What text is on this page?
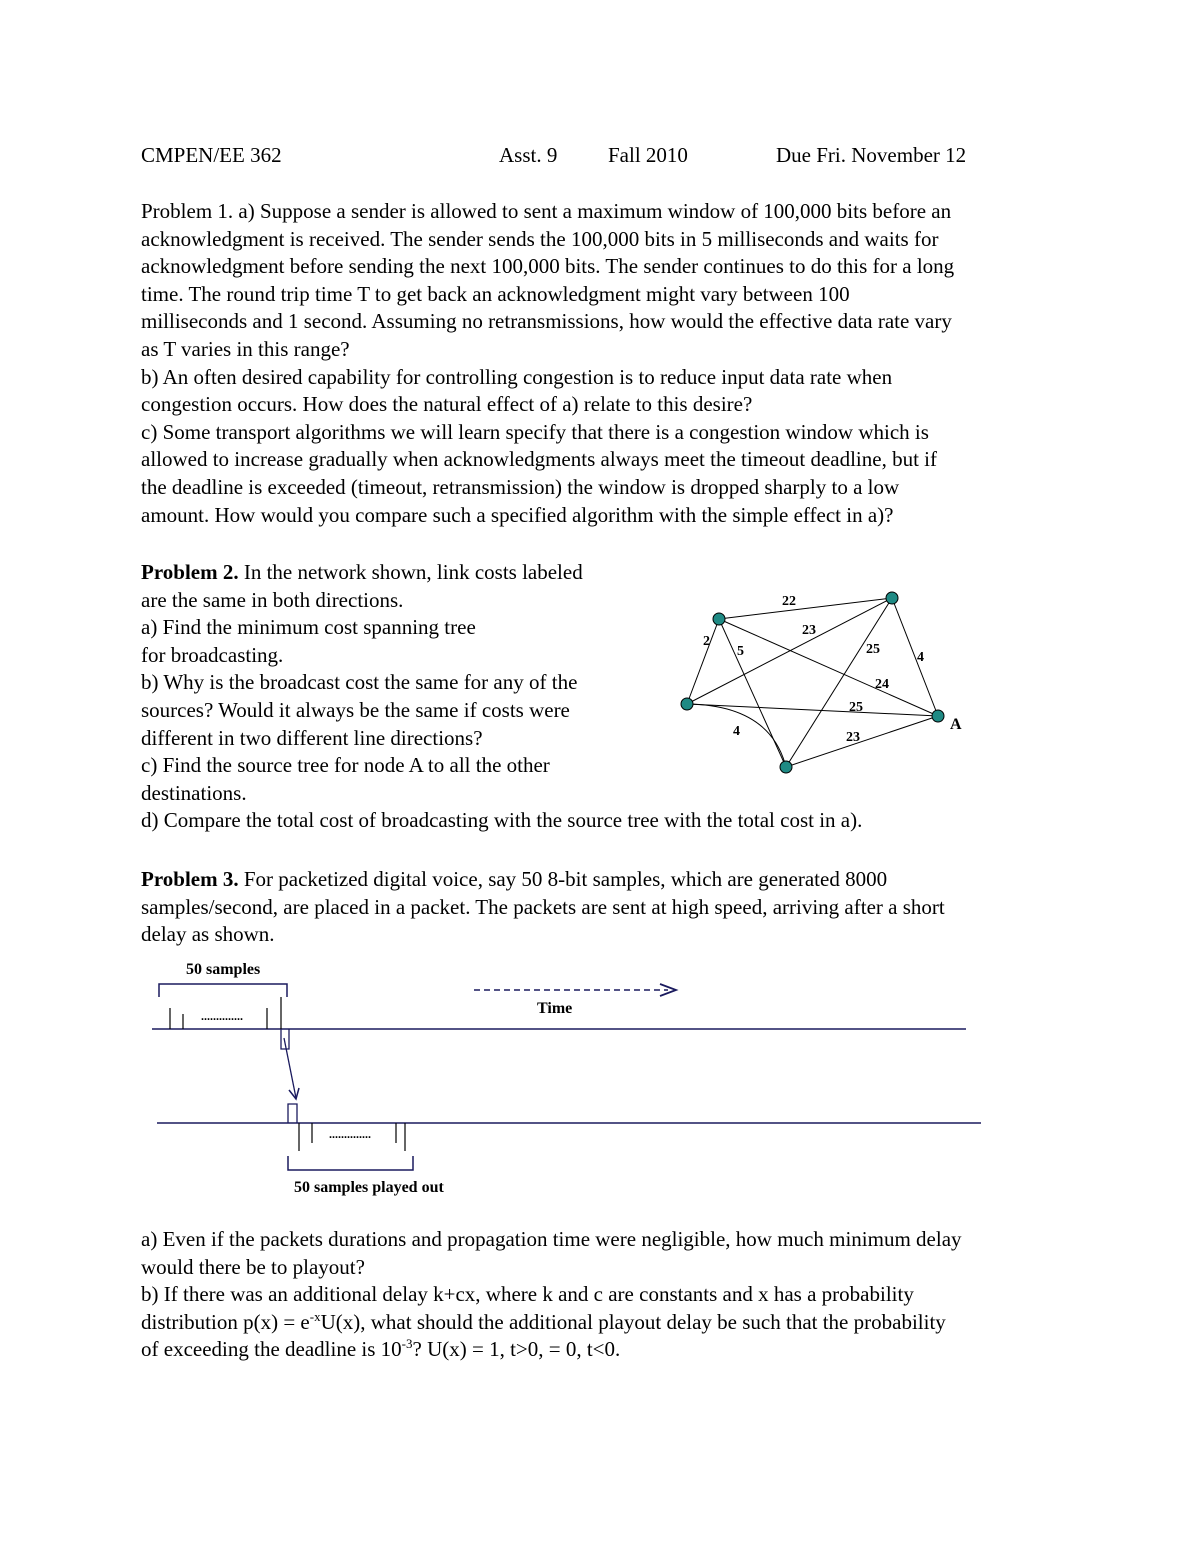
CMPEN/EE 362	Asst. 9 Fall 2010	Due Fri. November 12
Problem 1. a) Suppose a sender is allowed to sent a maximum window of 100,000 bits before an
acknowledgment is received. The sender sends the 100,000 bits in 5 milliseconds and waits for
acknowledgment before sending the next 100,000 bits. The sender continues to do this for a long
time. The round trip time T to get back an acknowledgment might vary between 100
milliseconds and 1 second. Assuming no retransmissions, how would the effective data rate vary
as T varies in this range?
b) An often desired capability for controlling congestion is to reduce input data rate when
congestion occurs. How does the natural effect of a) relate to this desire?
c) Some transport algorithms we will learn specify that there is a congestion window which is
allowed to increase gradually when acknowledgments always meet the timeout deadline, but if
the deadline is exceeded (timeout, retransmission) the window is dropped sharply to a low
amount. How would you compare such a specified algorithm with the simple effect in a)?
Problem 2. In the network shown, link costs labeled
are the same in both directions.
a) Find the minimum cost spanning tree
for broadcasting.
b) Why is the broadcast cost the same for any of the
sources? Would it always be the same if costs were
different in two different line directions?
c) Find the source tree for node A to all the other
destinations.
d) Compare the total cost of broadcasting with the source tree with the total cost in a).
22
23
2
5	25
4
24
25
4	23
A
Problem 3. For packetized digital voice, say 50 8-bit samples, which are generated 8000
samples/second, are placed in a packet. The packets are sent at high speed, arriving after a short
delay as shown.
50 samples
Time
50 samples played out
..............
..............
a) Even if the packets durations and propagation time were negligible, how much minimum delay
would there be to playout?
b) If there was an additional delay k+cx, where k and c are constants and x has a probability
distribution $p(x) = e^{-x}U(x)$, what should the additional playout delay be such that the probability
of exceeding the deadline is $10^{-3}$? U(x) = 1, t>0, = 0, t<0.
